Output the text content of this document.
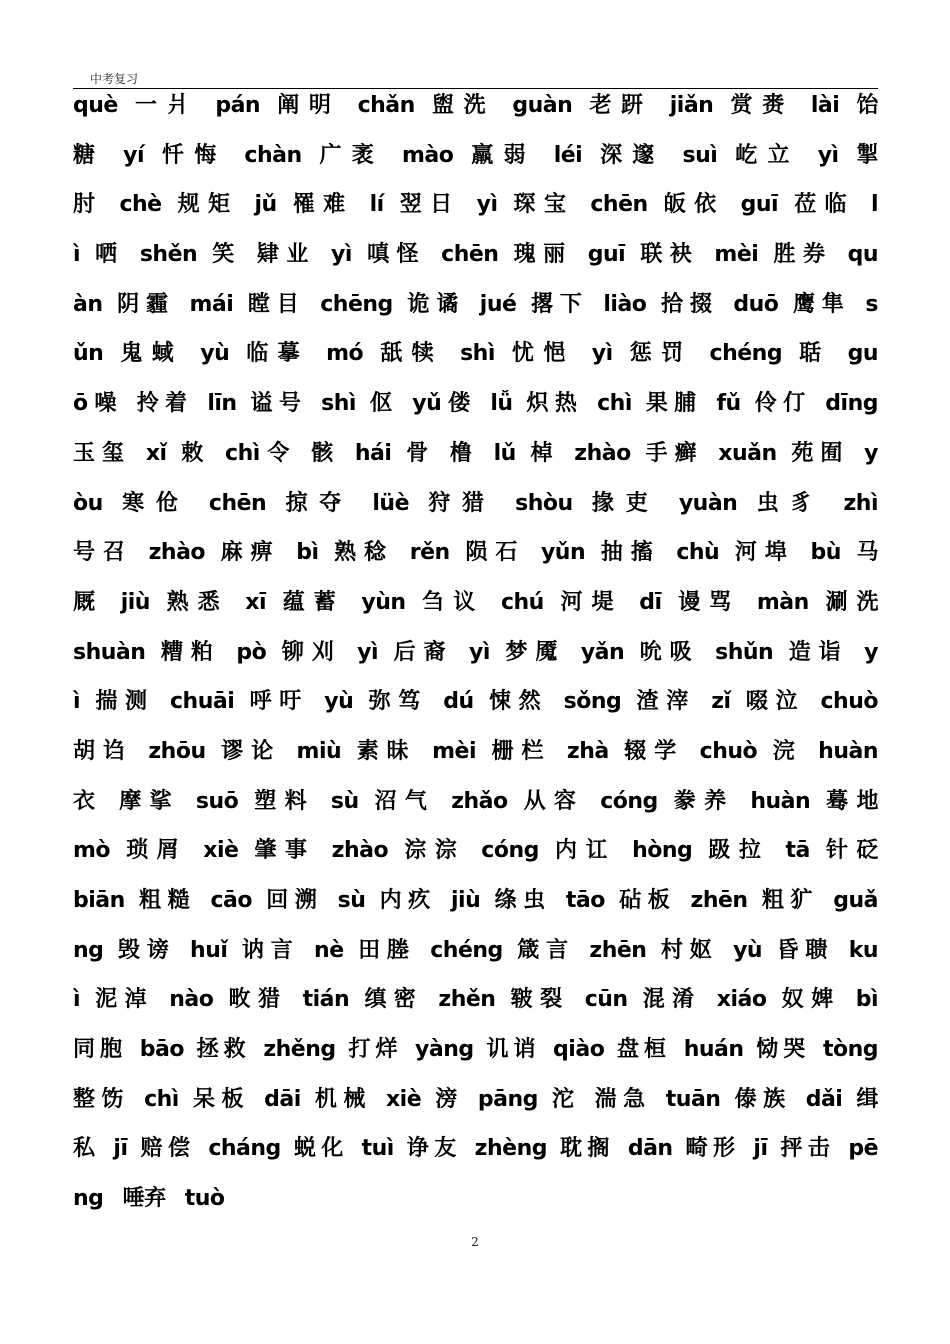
中考复习
què 一爿 pán 阐明 chǎn 盥洗 guàn 老趼 jiǎn 赏赉 lài 饴
糖 yí 忏悔 chàn 广袤 mào 羸弱 léi 深邃 suì 屹立 yì 掣
肘 chè 规矩 jǔ 罹难 lí 翌日 yì 琛宝 chēn 皈依 guī 莅临 l
ì 哂 shěn 笑 肄业 yì 嗔怪 chēn 瑰丽 guī 联袂 mèi 胜券 qu
àn 阴霾 mái 瞠目 chēng 诡谲 jué 撂下 liào 拾掇 duō 鹰隼 s
ǔn 鬼蜮 yù 临摹 mó 舐犊 shì 忧悒 yì 惩罚 chéng 聒 gu
ō噪 拎着 līn 谥号 shì 伛 yǔ偻 lǚ 炽热 chì 果脯 fǔ 伶仃 dīng
玉玺 xǐ 敕 chì令 骸 hái 骨 橹 lǔ 棹 zhào 手癣 xuǎn 苑囿 y
òu 寒伧 chēn 掠夺 lüè 狩猎 shòu 掾吏 yuàn 虫豸 zhì
号召 zhào 麻痹 bì 熟稔 rěn 陨石 yǔn 抽搐 chù 河埠 bù 马
厩 jiù 熟悉 xī 蕴蓄 yùn 刍议 chú 河堤 dī 谩骂 màn 涮洗
shuàn 糟粕 pò 铆刈 yì 后裔 yì 梦魇 yǎn 吮吸 shǔn 造诣 y
ì 揣测 chuāi 呼吁 yù 弥笃 dú 悚然 sǒng 渣滓 zǐ 啜泣 chuò
胡诌 zhōu 谬论 miù 素昧 mèi 栅栏 zhà 辍学 chuò 浣 huàn
衣 摩挲 suō 塑料 sù 沼气 zhǎo 从容 cóng 豢养 huàn 蓦地
mò 琐屑 xiè 肇事 zhào 淙淙 cóng 内讧 hòng 趿拉 tā 针砭
biān 粗糙 cāo 回溯 sù 内疚 jiù 绦虫 tāo 砧板 zhēn 粗犷 guǎ
ng 毁谤 huǐ 讷言 nè 田塍 chéng 箴言 zhēn 村妪 yù 昏聩 ku
ì 泥淖 nào 畋猎 tián 缜密 zhěn 皲裂 cūn 混淆 xiáo 奴婢 bì
同胞 bāo 拯救 zhěng 打烊 yàng 讥诮 qiào 盘桓 huán 恸哭 tòng
整饬 chì 呆板 dāi 机械 xiè 滂 pāng 沱 湍急 tuān 傣族 dǎi 缉
私 jī 赔偿 cháng 蜕化 tuì 诤友 zhèng 耽搁 dān 畸形 jī 抨击 pē
ng 唾弃 tuò
2
